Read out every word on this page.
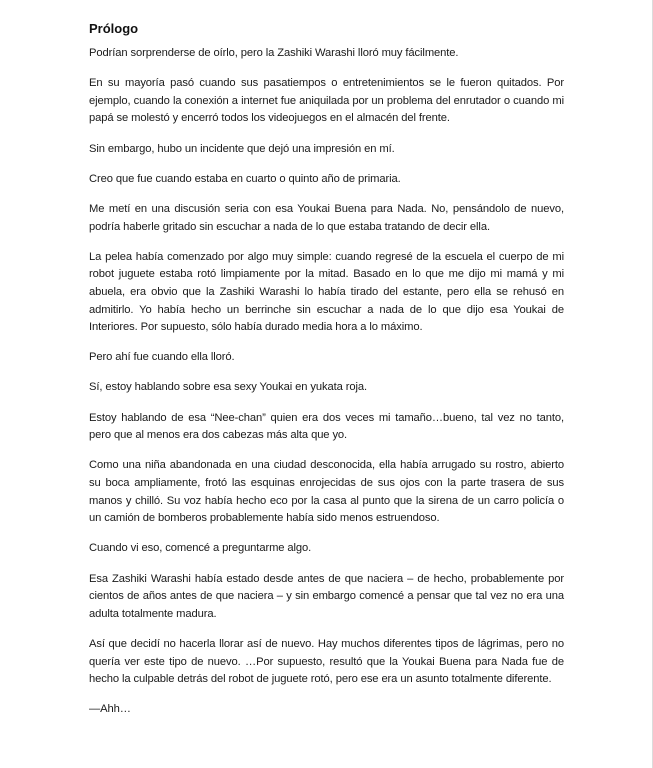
Prólogo

Podrían sorprenderse de oírlo, pero la Zashiki Warashi lloró muy fácilmente.

En su mayoría pasó cuando sus pasatiempos o entretenimientos se le fueron quitados. Por ejemplo, cuando la conexión a internet fue aniquilada por un problema del enrutador o cuando mi papá se molestó y encerró todos los videojuegos en el almacén del frente.

Sin embargo, hubo un incidente que dejó una impresión en mí.

Creo que fue cuando estaba en cuarto o quinto año de primaria.

Me metí en una discusión seria con esa Youkai Buena para Nada. No, pensándolo de nuevo, podría haberle gritado sin escuchar a nada de lo que estaba tratando de decir ella.

La pelea había comenzado por algo muy simple: cuando regresé de la escuela el cuerpo de mi robot juguete estaba rotó limpiamente por la mitad. Basado en lo que me dijo mi mamá y mi abuela, era obvio que la Zashiki Warashi lo había tirado del estante, pero ella se rehusó en admitirlo. Yo había hecho un berrinche sin escuchar a nada de lo que dijo esa Youkai de Interiores. Por supuesto, sólo había durado media hora a lo máximo.

Pero ahí fue cuando ella lloró.

Sí, estoy hablando sobre esa sexy Youkai en yukata roja.

Estoy hablando de esa “Nee-chan” quien era dos veces mi tamaño…bueno, tal vez no tanto, pero que al menos era dos cabezas más alta que yo.

Como una niña abandonada en una ciudad desconocida, ella había arrugado su rostro, abierto su boca ampliamente, frotó las esquinas enrojecidas de sus ojos con la parte trasera de sus manos y chilló. Su voz había hecho eco por la casa al punto que la sirena de un carro policía o un camión de bomberos probablemente había sido menos estruendoso.

Cuando vi eso, comencé a preguntarme algo.

Esa Zashiki Warashi había estado desde antes de que naciera – de hecho, probablemente por cientos de años antes de que naciera – y sin embargo comencé a pensar que tal vez no era una adulta totalmente madura.

Así que decidí no hacerla llorar así de nuevo. Hay muchos diferentes tipos de lágrimas, pero no quería ver este tipo de nuevo. …Por supuesto, resultó que la Youkai Buena para Nada fue de hecho la culpable detrás del robot de juguete rotó, pero ese era un asunto totalmente diferente.

—Ahh…
